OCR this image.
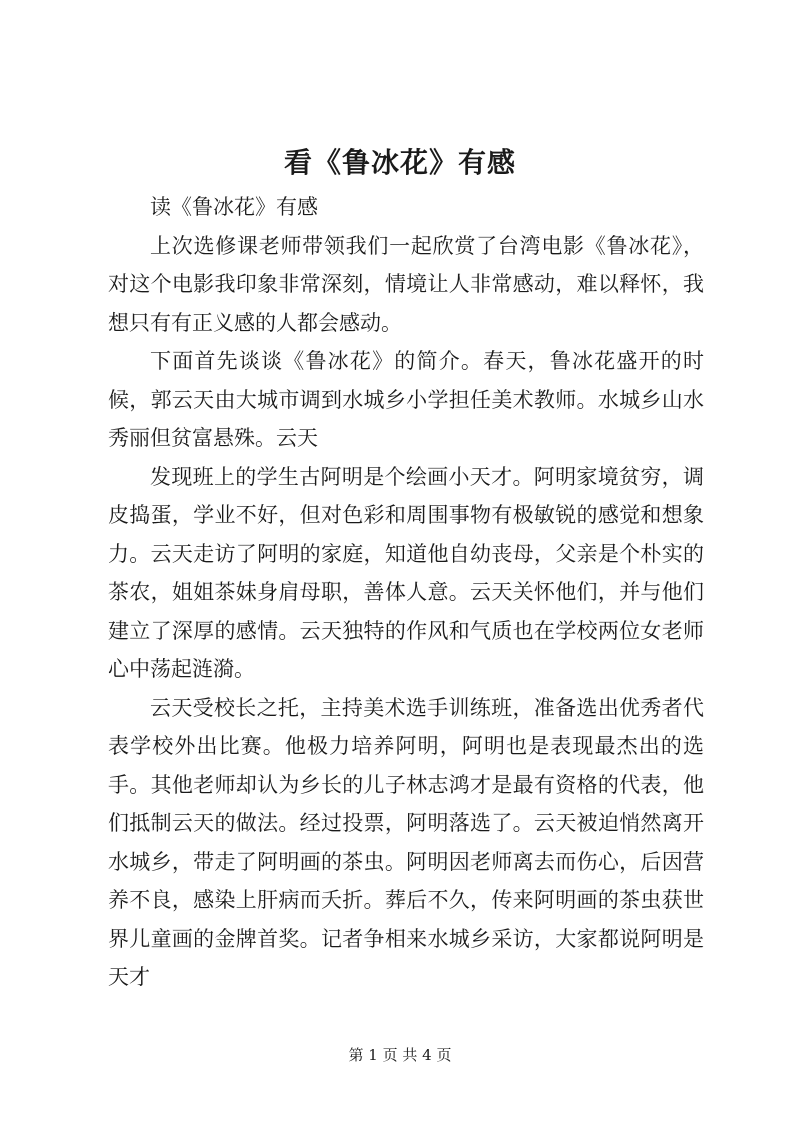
看《鲁冰花》有感

读《鲁冰花》有感

上次选修课老师带领我们一起欣赏了台湾电影《鲁冰花》，对这个电影我印象非常深刻，情境让人非常感动，难以释怀，我想只有有正义感的人都会感动。

下面首先谈谈《鲁冰花》的简介。春天，鲁冰花盛开的时候，郭云天由大城市调到水城乡小学担任美术教师。水城乡山水秀丽但贫富悬殊。云天

发现班上的学生古阿明是个绘画小天才。阿明家境贫穷，调皮捣蛋，学业不好，但对色彩和周围事物有极敏锐的感觉和想象力。云天走访了阿明的家庭，知道他自幼丧母，父亲是个朴实的茶农，姐姐茶妹身肩母职，善体人意。云天关怀他们，并与他们建立了深厚的感情。云天独特的作风和气质也在学校两位女老师心中荡起涟漪。

云天受校长之托，主持美术选手训练班，准备选出优秀者代表学校外出比赛。他极力培养阿明，阿明也是表现最杰出的选手。其他老师却认为乡长的儿子林志鸿才是最有资格的代表，他们抵制云天的做法。经过投票，阿明落选了。云天被迫悄然离开水城乡，带走了阿明画的茶虫。阿明因老师离去而伤心，后因营养不良，感染上肝病而夭折。葬后不久，传来阿明画的茶虫获世界儿童画的金牌首奖。记者争相来水城乡采访，大家都说阿明是天才

第 1 页 共 4 页
